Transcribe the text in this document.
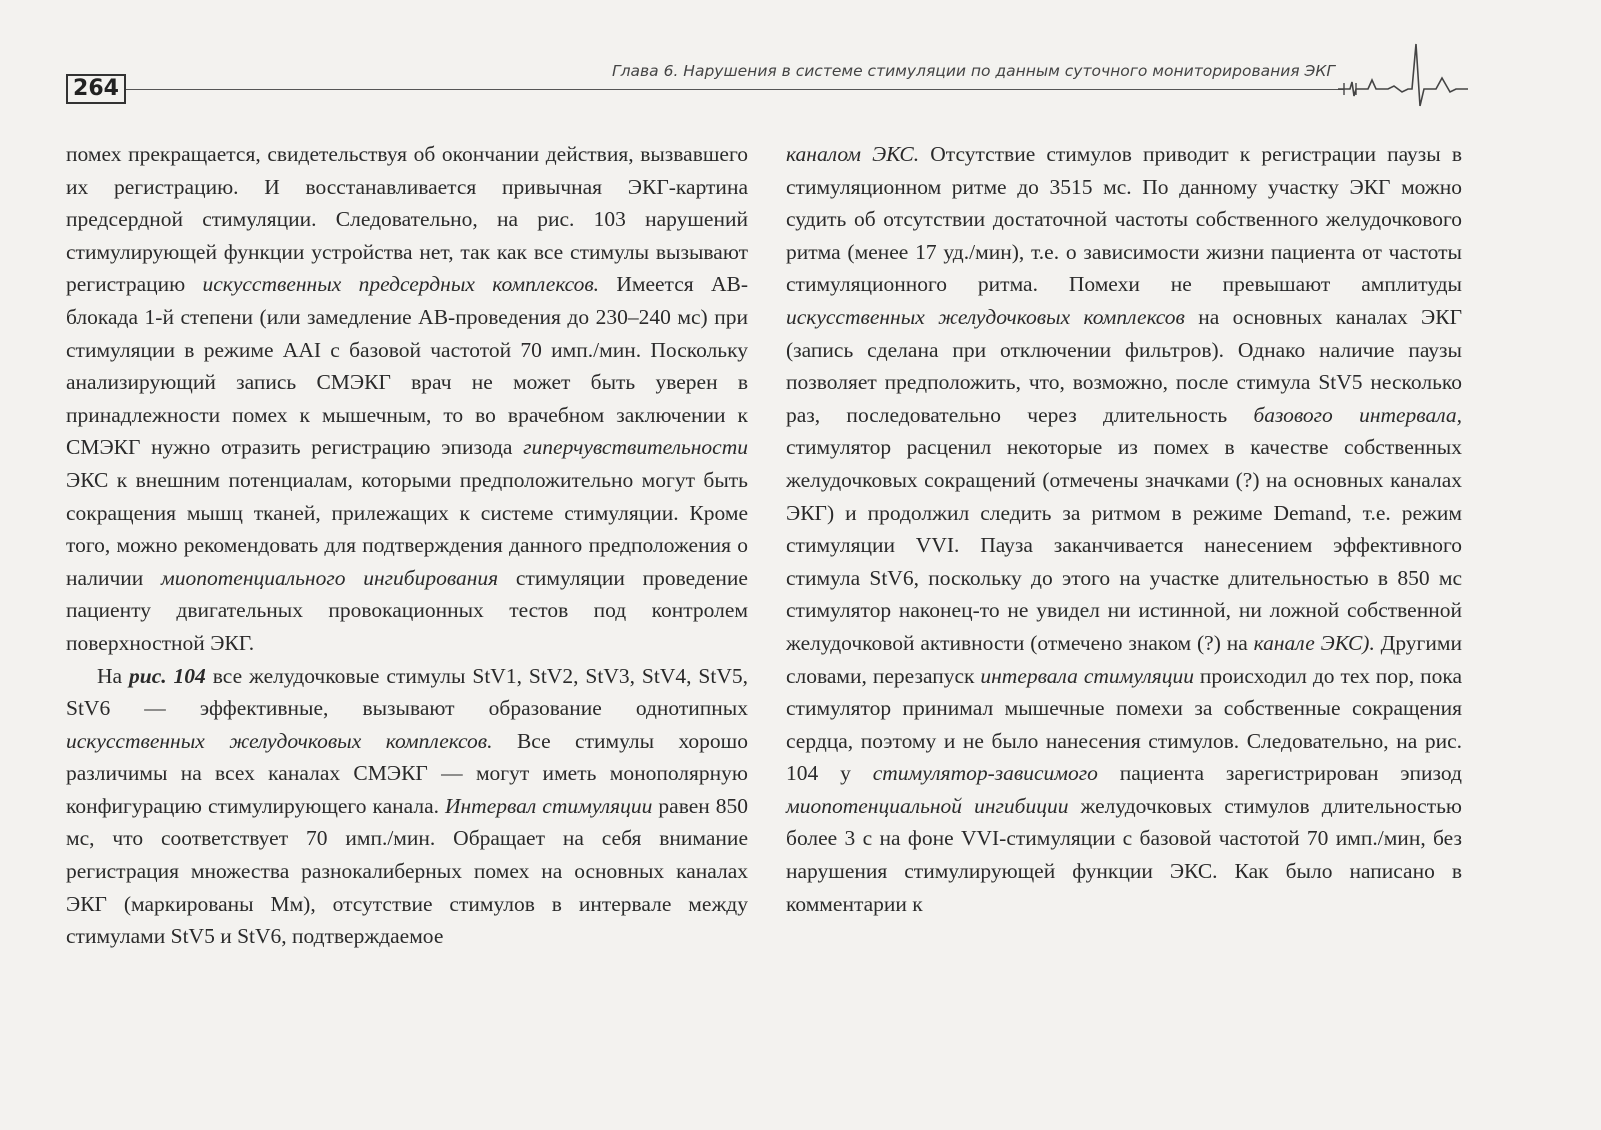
264
Глава 6. Нарушения в системе стимуляции по данным суточного мониторирования ЭКГ

помех прекращается, свидетельствуя об окончании действия, вызвавшего их регистрацию. И восстанавливается привычная ЭКГ-картина предсердной стимуляции. Следовательно, на рис. 103 нарушений стимулирующей функции устройства нет, так как все стимулы вызывают регистрацию искусственных предсердных комплексов. Имеется АВ-блокада 1-й степени (или замедление АВ-проведения до 230–240 мс) при стимуляции в режиме AAI с базовой частотой 70 имп./мин. Поскольку анализирующий запись СМЭКГ врач не может быть уверен в принадлежности помех к мышечным, то во врачебном заключении к СМЭКГ нужно отразить регистрацию эпизода гиперчувствительности ЭКС к внешним потенциалам, которыми предположительно могут быть сокращения мышц тканей, прилежащих к системе стимуляции. Кроме того, можно рекомендовать для подтверждения данного предположения о наличии миопотенциального ингибирования стимуляции проведение пациенту двигательных провокационных тестов под контролем поверхностной ЭКГ.

На рис. 104 все желудочковые стимулы StV1, StV2, StV3, StV4, StV5, StV6 — эффективные, вызывают образование однотипных искусственных желудочковых комплексов. Все стимулы хорошо различимы на всех каналах СМЭКГ — могут иметь монополярную конфигурацию стимулирующего канала. Интервал стимуляции равен 850 мс, что соответствует 70 имп./мин. Обращает на себя внимание регистрация множества разнокалиберных помех на основных каналах ЭКГ (маркированы Мм), отсутствие стимулов в интервале между стимулами StV5 и StV6, подтверждаемое

каналом ЭКС. Отсутствие стимулов приводит к регистрации паузы в стимуляционном ритме до 3515 мс. По данному участку ЭКГ можно судить об отсутствии достаточной частоты собственного желудочкового ритма (менее 17 уд./мин), т.е. о зависимости жизни пациента от частоты стимуляционного ритма. Помехи не превышают амплитуды искусственных желудочковых комплексов на основных каналах ЭКГ (запись сделана при отключении фильтров). Однако наличие паузы позволяет предположить, что, возможно, после стимула StV5 несколько раз, последовательно через длительность базового интервала, стимулятор расценил некоторые из помех в качестве собственных желудочковых сокращений (отмечены значками (?) на основных каналах ЭКГ) и продолжил следить за ритмом в режиме Demand, т.е. режим стимуляции VVI. Пауза заканчивается нанесением эффективного стимула StV6, поскольку до этого на участке длительностью в 850 мс стимулятор наконец-то не увидел ни истинной, ни ложной собственной желудочковой активности (отмечено знаком (?) на канале ЭКС). Другими словами, перезапуск интервала стимуляции происходил до тех пор, пока стимулятор принимал мышечные помехи за собственные сокращения сердца, поэтому и не было нанесения стимулов. Следовательно, на рис. 104 у стимулятор-зависимого пациента зарегистрирован эпизод миопотенциальной ингибиции желудочковых стимулов длительностью более 3 с на фоне VVI-стимуляции с базовой частотой 70 имп./мин, без нарушения стимулирующей функции ЭКС. Как было написано в комментарии к
